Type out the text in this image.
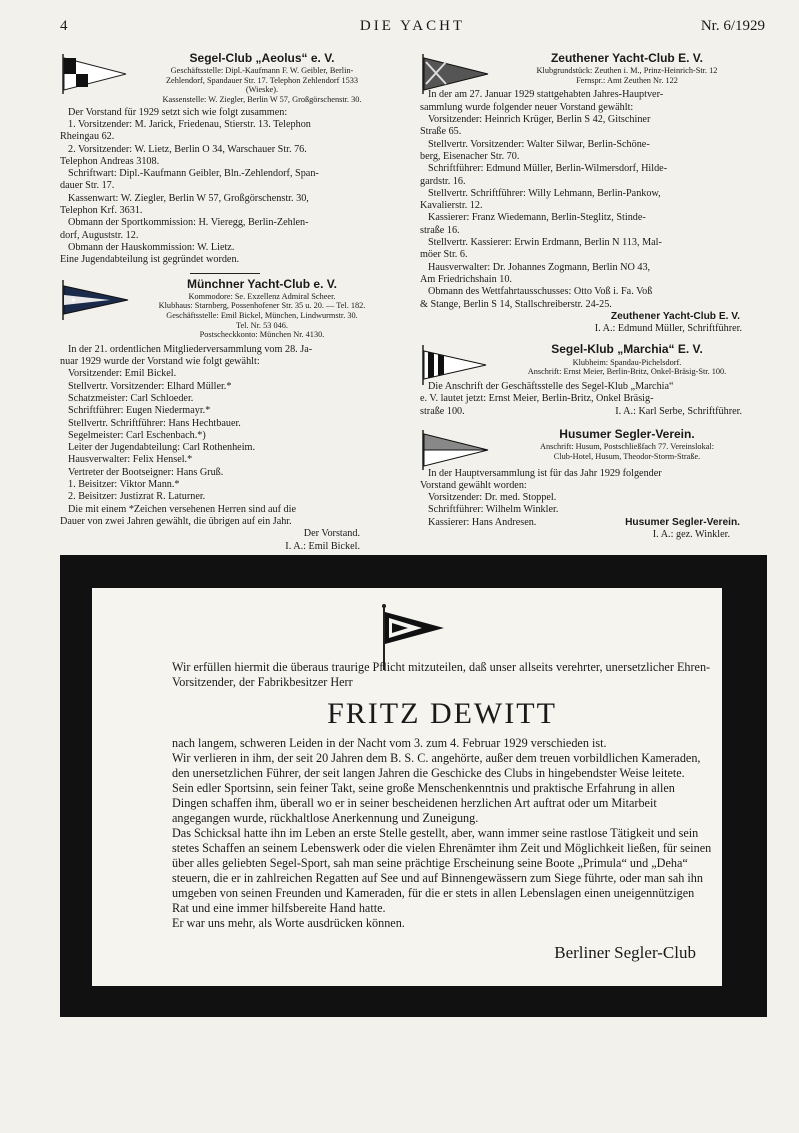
4	DIE YACHT	Nr. 6/1929
Segel-Club „Aeolus“ e. V.
Geschäftsstelle: Dipl.-Kaufmann F. W. Geibler, Berlin-
Zehlendorf, Spandauer Str. 17. Telephon Zehlendorf 1533
(Wieske).
Kassenstelle: W. Ziegler, Berlin W 57, Großgörschenstr. 30.
Der Vorstand für 1929 setzt sich wie folgt zusammen:
1. Vorsitzender: M. Jarick, Friedenau, Stierstr. 13. Telephon
Rheingau 62.
2. Vorsitzender: W. Lietz, Berlin O 34, Warschauer Str. 76.
Telephon Andreas 3108.
Schriftwart: Dipl.-Kaufmann Geibler, Bln.-Zehlendorf, Span-
dauer Str. 17.
Kassenwart: W. Ziegler, Berlin W 57, Großgörschenstr. 30,
Telephon Krf. 3631.
Obmann der Sportkommission: H. Vieregg, Berlin-Zehlen-
dorf, Auguststr. 12.
Obmann der Hauskommission: W. Lietz.
Eine Jugendabteilung ist gegründet worden.
✶
Münchner Yacht-Club e. V.
Kommodore: Se. Exzellenz Admiral Scheer.
Klubhaus: Starnberg, Possenhofener Str. 35 u. 20. — Tel. 182.
Geschäftsstelle: Emil Bickel, München, Lindwurmstr. 30.
Tel. Nr. 53 046.
Postscheckkonto: München Nr. 4130.
In der 21. ordentlichen Mitgliederversammlung vom 28. Ja-
nuar 1929 wurde der Vorstand wie folgt gewählt:
Vorsitzender: Emil Bickel.
Stellvertr. Vorsitzender: Elhard Müller.*
Schatzmeister: Carl Schloeder.
Schriftführer: Eugen Niedermayr.*
Stellvertr. Schriftführer: Hans Hechtbauer.
Segelmeister: Carl Eschenbach.*)
Leiter der Jugendabteilung: Carl Rothenheim.
Hausverwalter: Felix Hensel.*
Vertreter der Bootseigner: Hans Gruß.
1. Beisitzer: Viktor Mann.*
2. Beisitzer: Justizrat R. Laturner.
Die mit einem *Zeichen versehenen Herren sind auf die
Dauer von zwei Jahren gewählt, die übrigen auf ein Jahr.
Der Vorstand.
I. A.: Emil Bickel.
Zeuthener Yacht-Club E. V.
Klubgrundstück: Zeuthen i. M., Prinz-Heinrich-Str. 12
Fernspr.: Amt Zeuthen Nr. 122
In der am 27. Januar 1929 stattgehabten Jahres-Hauptver-
sammlung wurde folgender neuer Vorstand gewählt:
Vorsitzender: Heinrich Krüger, Berlin S 42, Gitschiner
Straße 65.
Stellvertr. Vorsitzender: Walter Silwar, Berlin-Schöne-
berg, Eisenacher Str. 70.
Schriftführer: Edmund Müller, Berlin-Wilmersdorf, Hilde-
gardstr. 16.
Stellvertr. Schriftführer: Willy Lehmann, Berlin-Pankow,
Kavalierstr. 12.
Kassierer: Franz Wiedemann, Berlin-Steglitz, Stinde-
straße 16.
Stellvertr. Kassierer: Erwin Erdmann, Berlin N 113, Mal-
möer Str. 6.
Hausverwalter: Dr. Johannes Zogmann, Berlin NO 43,
Am Friedrichshain 10.
Obmann des Wettfahrtausschusses: Otto Voß i. Fa. Voß
& Stange, Berlin S 14, Stallschreiberstr. 24-25.
Zeuthener Yacht-Club E. V.
I. A.: Edmund Müller, Schriftführer.
Segel-Klub „Marchia“ E. V.
Klubheim: Spandau-Pichelsdorf.
Anschrift: Ernst Meier, Berlin-Britz, Onkel-Bräsig-Str. 100.
Die Anschrift der Geschäftsstelle des Segel-Klub „Marchia“
e. V. lautet jetzt: Ernst Meier, Berlin-Britz, Onkel Bräsig-
straße 100.	I. A.: Karl Serbe, Schriftführer.
Husumer Segler-Verein.
Anschrift: Husum, Postschließfach 77. Vereinslokal:
Club-Hotel, Husum, Theodor-Storm-Straße.
In der Hauptversammlung ist für das Jahr 1929 folgender
Vorstand gewählt worden:
Vorsitzender: Dr. med. Stoppel.
Schriftführer: Wilhelm Winkler.
Kassierer: Hans Andresen.	Husumer Segler-Verein.
I. A.: gez. Winkler.

Wir erfüllen hiermit die überaus traurige Pflicht mitzuteilen, daß unser allseits verehrter, unersetzlicher Ehren-Vorsitzender, der Fabrikbesitzer Herr

FRITZ DEWITT

nach langem, schweren Leiden in der Nacht vom 3. zum 4. Februar 1929 verschieden ist.

Wir verlieren in ihm, der seit 20 Jahren dem B. S. C. angehörte, außer dem treuen vorbildlichen Kameraden, den unersetzlichen Führer, der seit langen Jahren die Geschicke des Clubs in hingebendster Weise leitete.

Sein edler Sportsinn, sein feiner Takt, seine große Menschenkenntnis und praktische Erfahrung in allen Dingen schaffen ihm, überall wo er in seiner bescheidenen herzlichen Art auftrat oder um Mitarbeit angegangen wurde, rückhaltlose Anerkennung und Zuneigung.

Das Schicksal hatte ihn im Leben an erste Stelle gestellt, aber, wann immer seine rastlose Tätigkeit und sein stetes Schaffen an seinem Lebenswerk oder die vielen Ehrenämter ihm Zeit und Möglichkeit ließen, für seinen über alles geliebten Segel-Sport, sah man seine prächtige Erscheinung seine Boote „Primula“ und „Deha“ steuern, die er in zahlreichen Regatten auf See und auf Binnengewässern zum Siege führte, oder man sah ihn umgeben von seinen Freunden und Kameraden, für die er stets in allen Lebenslagen einen uneigennützigen Rat und eine immer hilfsbereite Hand hatte.

Er war uns mehr, als Worte ausdrücken können.

Berliner Segler-Club
